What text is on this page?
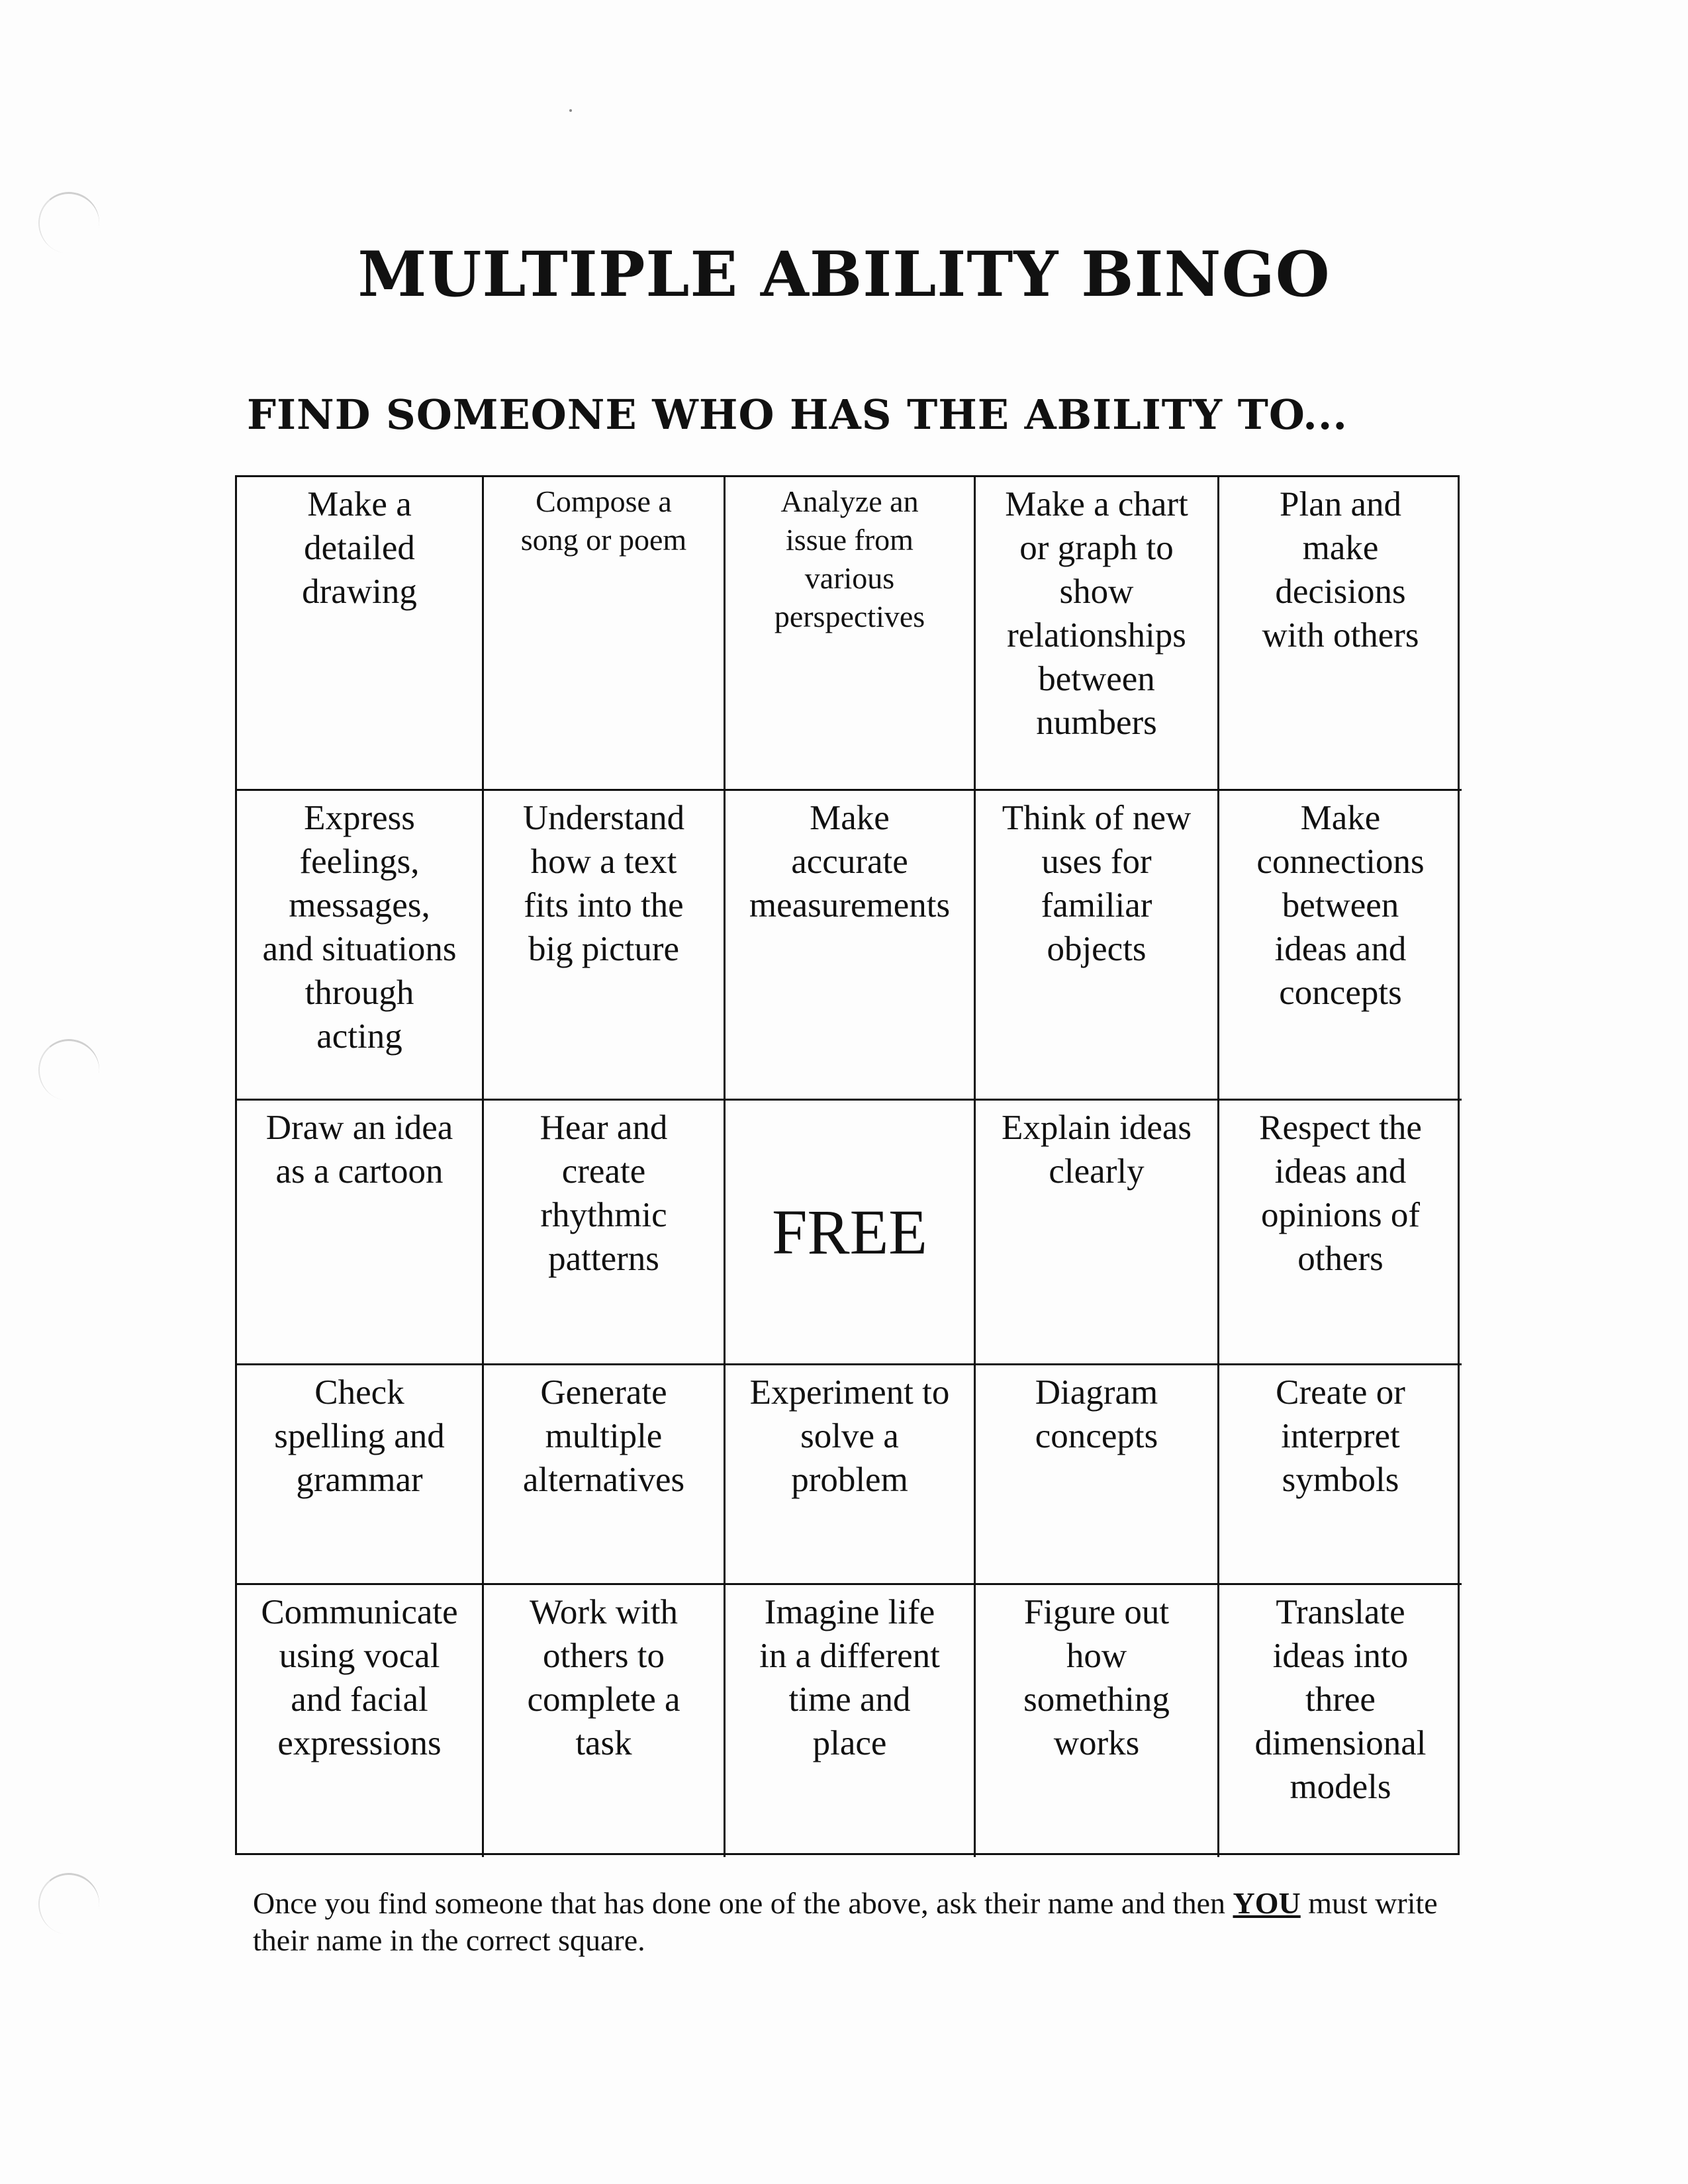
MULTIPLE ABILITY BINGO
FIND SOMEONE WHO HAS THE ABILITY TO...
Make a
detailed
drawing
Compose a
song or poem
Analyze an
issue from
various
perspectives
Make a chart
or graph to
show
relationships
between
numbers
Plan and
make
decisions
with others
Express
feelings,
messages,
and situations
through
acting
Understand
how a text
fits into the
big picture
Make
accurate
measurements
Think of new
uses for
familiar
objects
Make
connections
between
ideas and
concepts
Draw an idea
as a cartoon
Hear and
create
rhythmic
patterns	FREE
Explain ideas
clearly
Respect the
ideas and
opinions of
others
Check
spelling and
grammar
Generate
multiple
alternatives
Experiment to
solve a
problem
Diagram
concepts
Create or
interpret
symbols
Communicate
using vocal
and facial
expressions
Work with
others to
complete a
task
Imagine life
in a different
time and
place
Figure out
how
something
works
Translate
ideas into
three
dimensional
models

Once you find someone that has done one of the above, ask their name and then YOU must write their name in the correct square.
